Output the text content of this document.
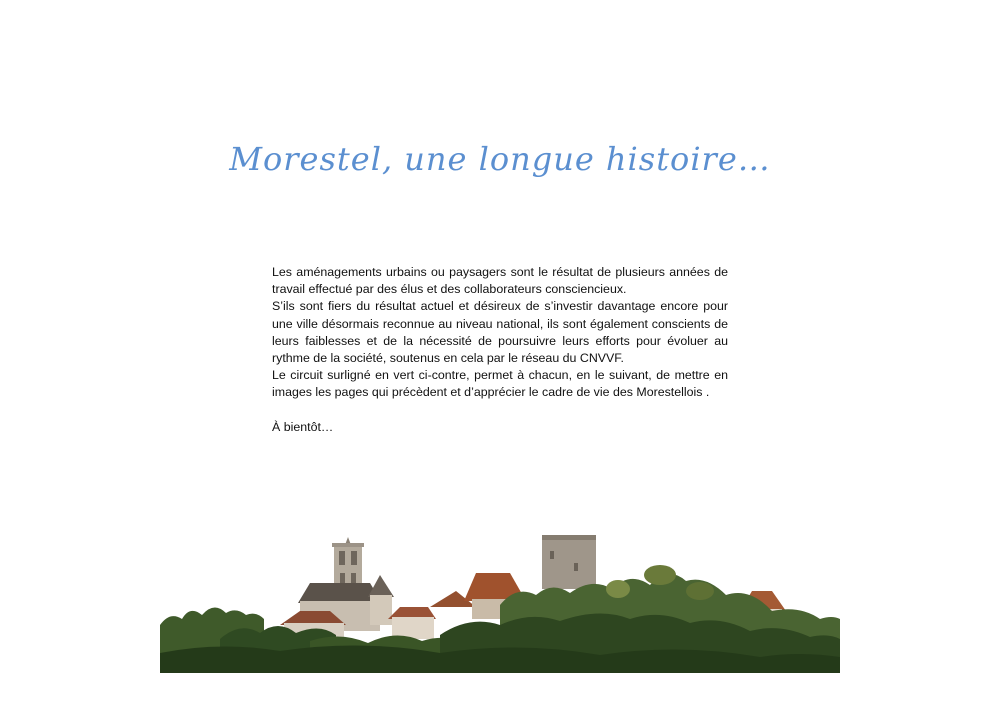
Morestel, une longue histoire…

Les aménagements urbains ou paysagers sont le résultat de plusieurs années de travail effectué par des élus et des collaborateurs consciencieux.

S’ils sont fiers du résultat actuel et désireux de s’investir davantage encore pour une ville désormais reconnue au niveau national, ils sont également conscients de leurs faiblesses et de la nécessité de poursuivre leurs efforts pour évoluer au rythme de la société, soutenus en cela par le réseau du CNVVF.

Le circuit surligné en vert ci-contre, permet à chacun, en le suivant, de mettre en images les pages qui précèdent et d’apprécier le cadre de vie des Morestellois .

À bientôt…
